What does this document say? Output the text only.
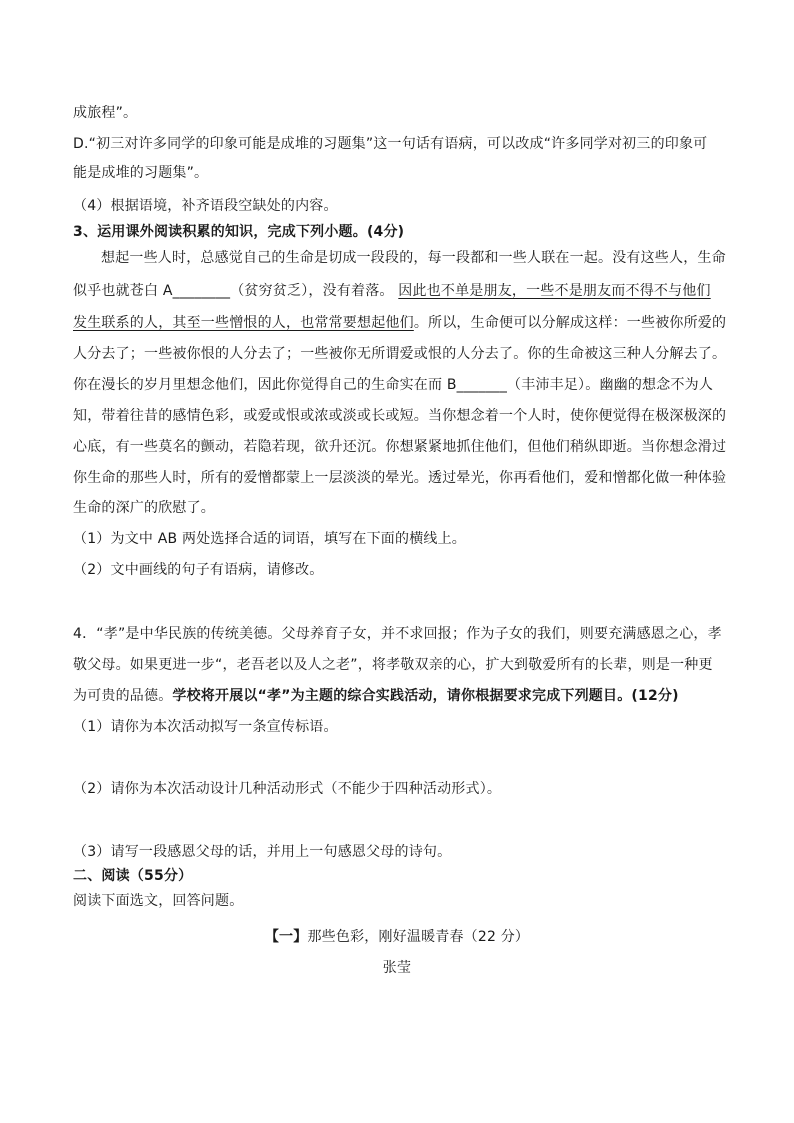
成旅程”。
D.“初三对许多同学的印象可能是成堆的习题集”这一句话有语病，可以改成“许多同学对初三的印象可
能是成堆的习题集”。
（4）根据语境，补齐语段空缺处的内容。
3、运用课外阅读积累的知识，完成下列小题。(4分)
想起一些人时，总感觉自己的生命是切成一段段的，每一段都和一些人联在一起。没有这些人，生命
似乎也就苍白 A________（贫穷贫乏），没有着落。 因此也不单是朋友，一些不是朋友而不得不与他们
发生联系的人，其至一些憎恨的人，也常常要想起他们。所以，生命便可以分解成这样：一些被你所爱的
人分去了；一些被你恨的人分去了；一些被你无所谓爱或恨的人分去了。你的生命被这三种人分解去了。
你在漫长的岁月里想念他们，因此你觉得自己的生命实在而 B_______（丰沛丰足）。幽幽的想念不为人
知，带着往昔的感情色彩，或爱或恨或浓或淡或长或短。当你想念着一个人时，使你便觉得在极深极深的
心底，有一些莫名的颤动，若隐若现，欲升还沉。你想紧紧地抓住他们，但他们稍纵即逝。当你想念滑过
你生命的那些人时，所有的爱憎都蒙上一层淡淡的晕光。透过晕光，你再看他们，爱和憎都化做一种体验
生命的深广的欣慰了。
（1）为文中 AB 两处选择合适的词语，填写在下面的横线上。
（2）文中画线的句子有语病，请修改。
4．“孝”是中华民族的传统美德。父母养育子女，并不求回报；作为子女的我们，则要充满感恩之心，孝
敬父母。如果更进一步“，老吾老以及人之老”，将孝敬双亲的心，扩大到敬爱所有的长辈，则是一种更
为可贵的品德。学校将开展以“孝”为主题的综合实践活动，请你根据要求完成下列题目。(12分)
（1）请你为本次活动拟写一条宣传标语。
（2）请你为本次活动设计几种活动形式（不能少于四种活动形式）。
（3）请写一段感恩父母的话，并用上一句感恩父母的诗句。
二、阅读（55分）
阅读下面选文，回答问题。
【一】那些色彩，刚好温暖青春（22 分）
张莹
